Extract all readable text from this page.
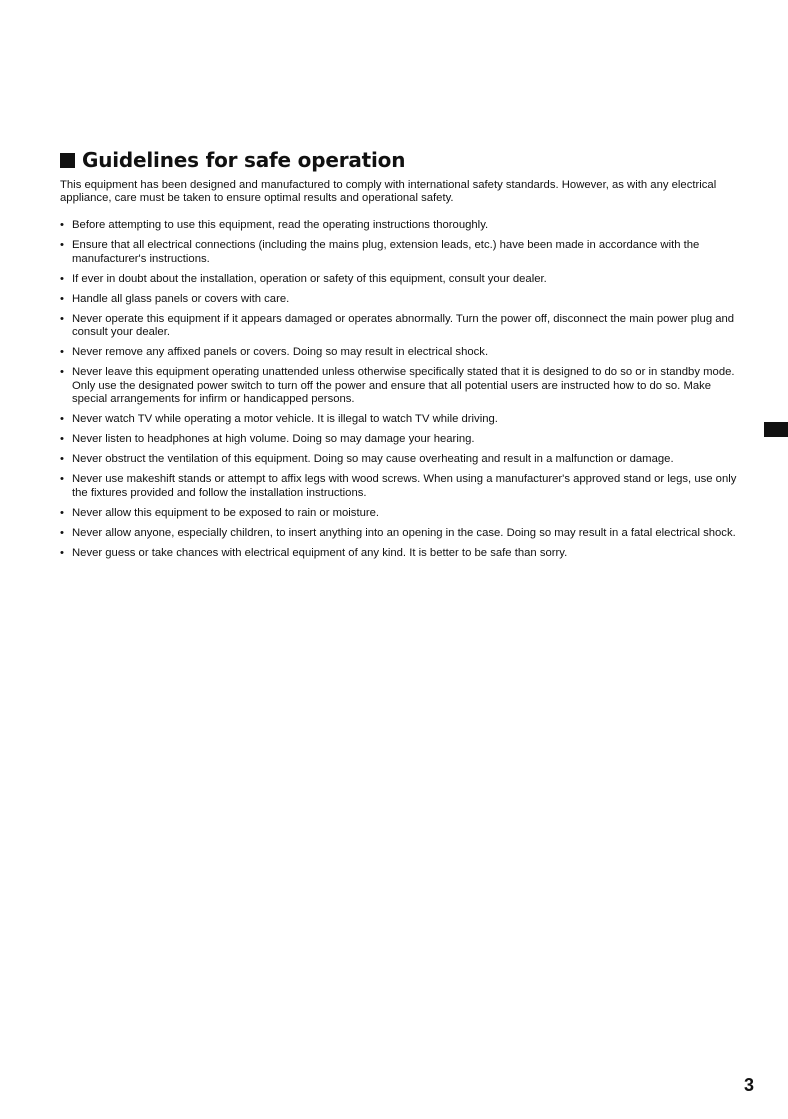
Guidelines for safe operation
This equipment has been designed and manufactured to comply with international safety standards. However, as with any electrical appliance, care must be taken to ensure optimal results and operational safety.
• Before attempting to use this equipment, read the operating instructions thoroughly.
• Ensure that all electrical connections (including the mains plug, extension leads, etc.) have been made in accordance with the manufacturer's instructions.
• If ever in doubt about the installation, operation or safety of this equipment, consult your dealer.
• Handle all glass panels or covers with care.
• Never operate this equipment if it appears damaged or operates abnormally. Turn the power off, disconnect the main power plug and consult your dealer.
• Never remove any affixed panels or covers. Doing so may result in electrical shock.
• Never leave this equipment operating unattended unless otherwise specifically stated that it is designed to do so or in standby mode. Only use the designated power switch to turn off the power and ensure that all potential users are instructed how to do so. Make special arrangements for infirm or handicapped persons.
• Never watch TV while operating a motor vehicle. It is illegal to watch TV while driving.
• Never listen to headphones at high volume. Doing so may damage your hearing.
• Never obstruct the ventilation of this equipment. Doing so may cause overheating and result in a malfunction or damage.
• Never use makeshift stands or attempt to affix legs with wood screws. When using a manufacturer's approved stand or legs, use only the fixtures provided and follow the installation instructions.
• Never allow this equipment to be exposed to rain or moisture.
• Never allow anyone, especially children, to insert anything into an opening in the case. Doing so may result in a fatal electrical shock.
• Never guess or take chances with electrical equipment of any kind. It is better to be safe than sorry.
3
